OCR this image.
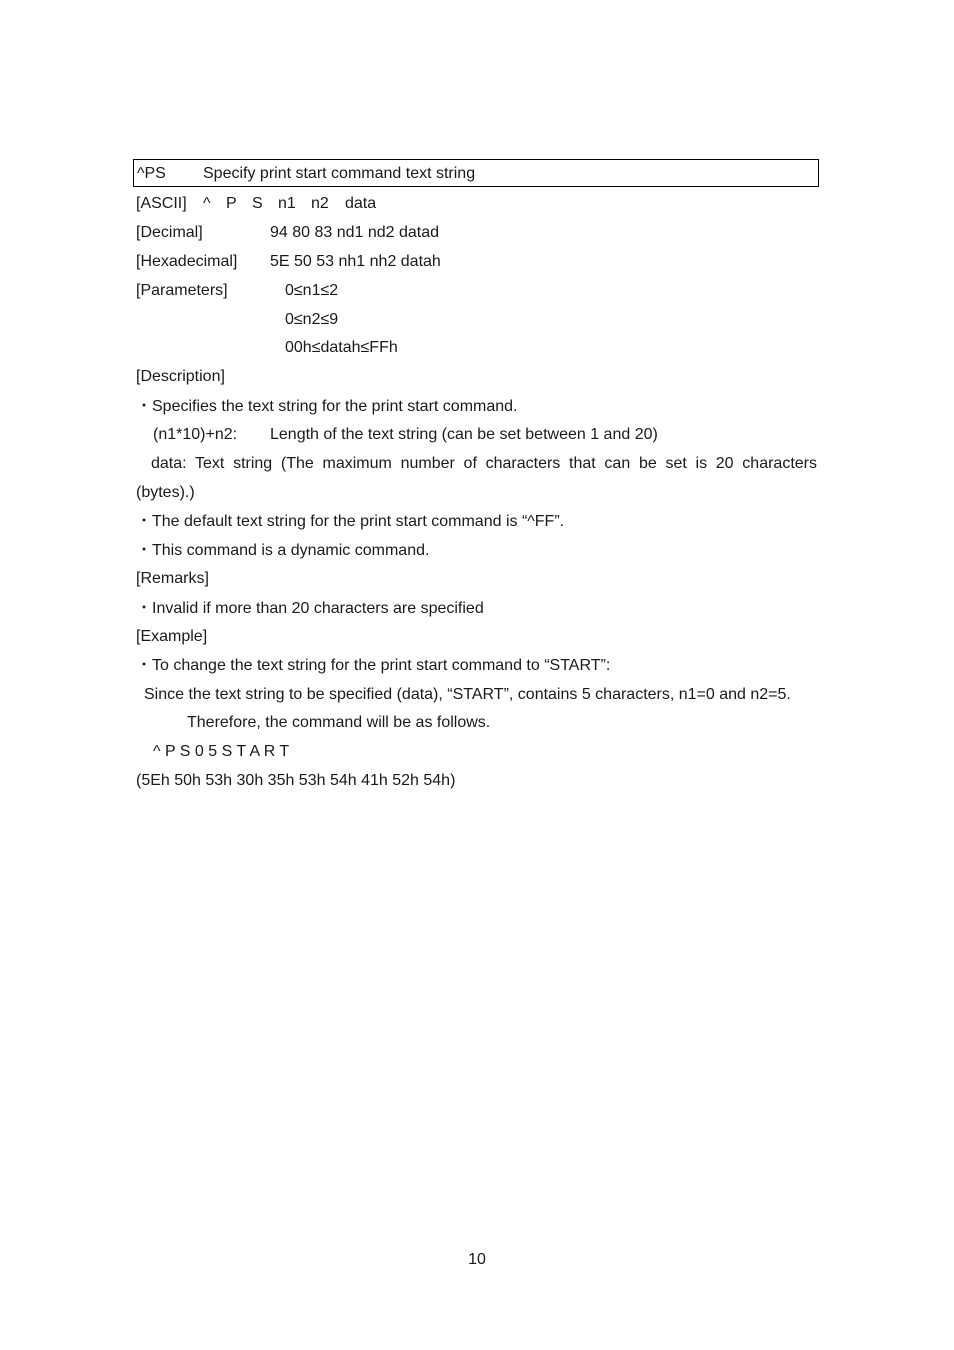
^PS Specify print start command text string
[ASCII] ^ P S n1 n2 data
[Decimal]	94 80 83 nd1 nd2 datad
[Hexadecimal] 5E 50 53 nh1 nh2 datah
[Parameters]	0≤n1≤2
0≤n2≤9
00h≤datah≤FFh
[Description]
・Specifies the text string for the print start command.
(n1*10)+n2: Length of the text string (can be set between 1 and 20)
data: Text string (The maximum number of characters that can be set is 20 characters
(bytes).)
・The default text string for the print start command is “^FF”.
・This command is a dynamic command.
[Remarks]
・Invalid if more than 20 characters are specified
[Example]
・To change the text string for the print start command to “START”:
Since the text string to be specified (data), “START”, contains 5 characters, n1=0 and n2=5.
Therefore, the command will be as follows.
^ P S 0 5 S T A R T
(5Eh 50h 53h 30h 35h 53h 54h 41h 52h 54h)
10
